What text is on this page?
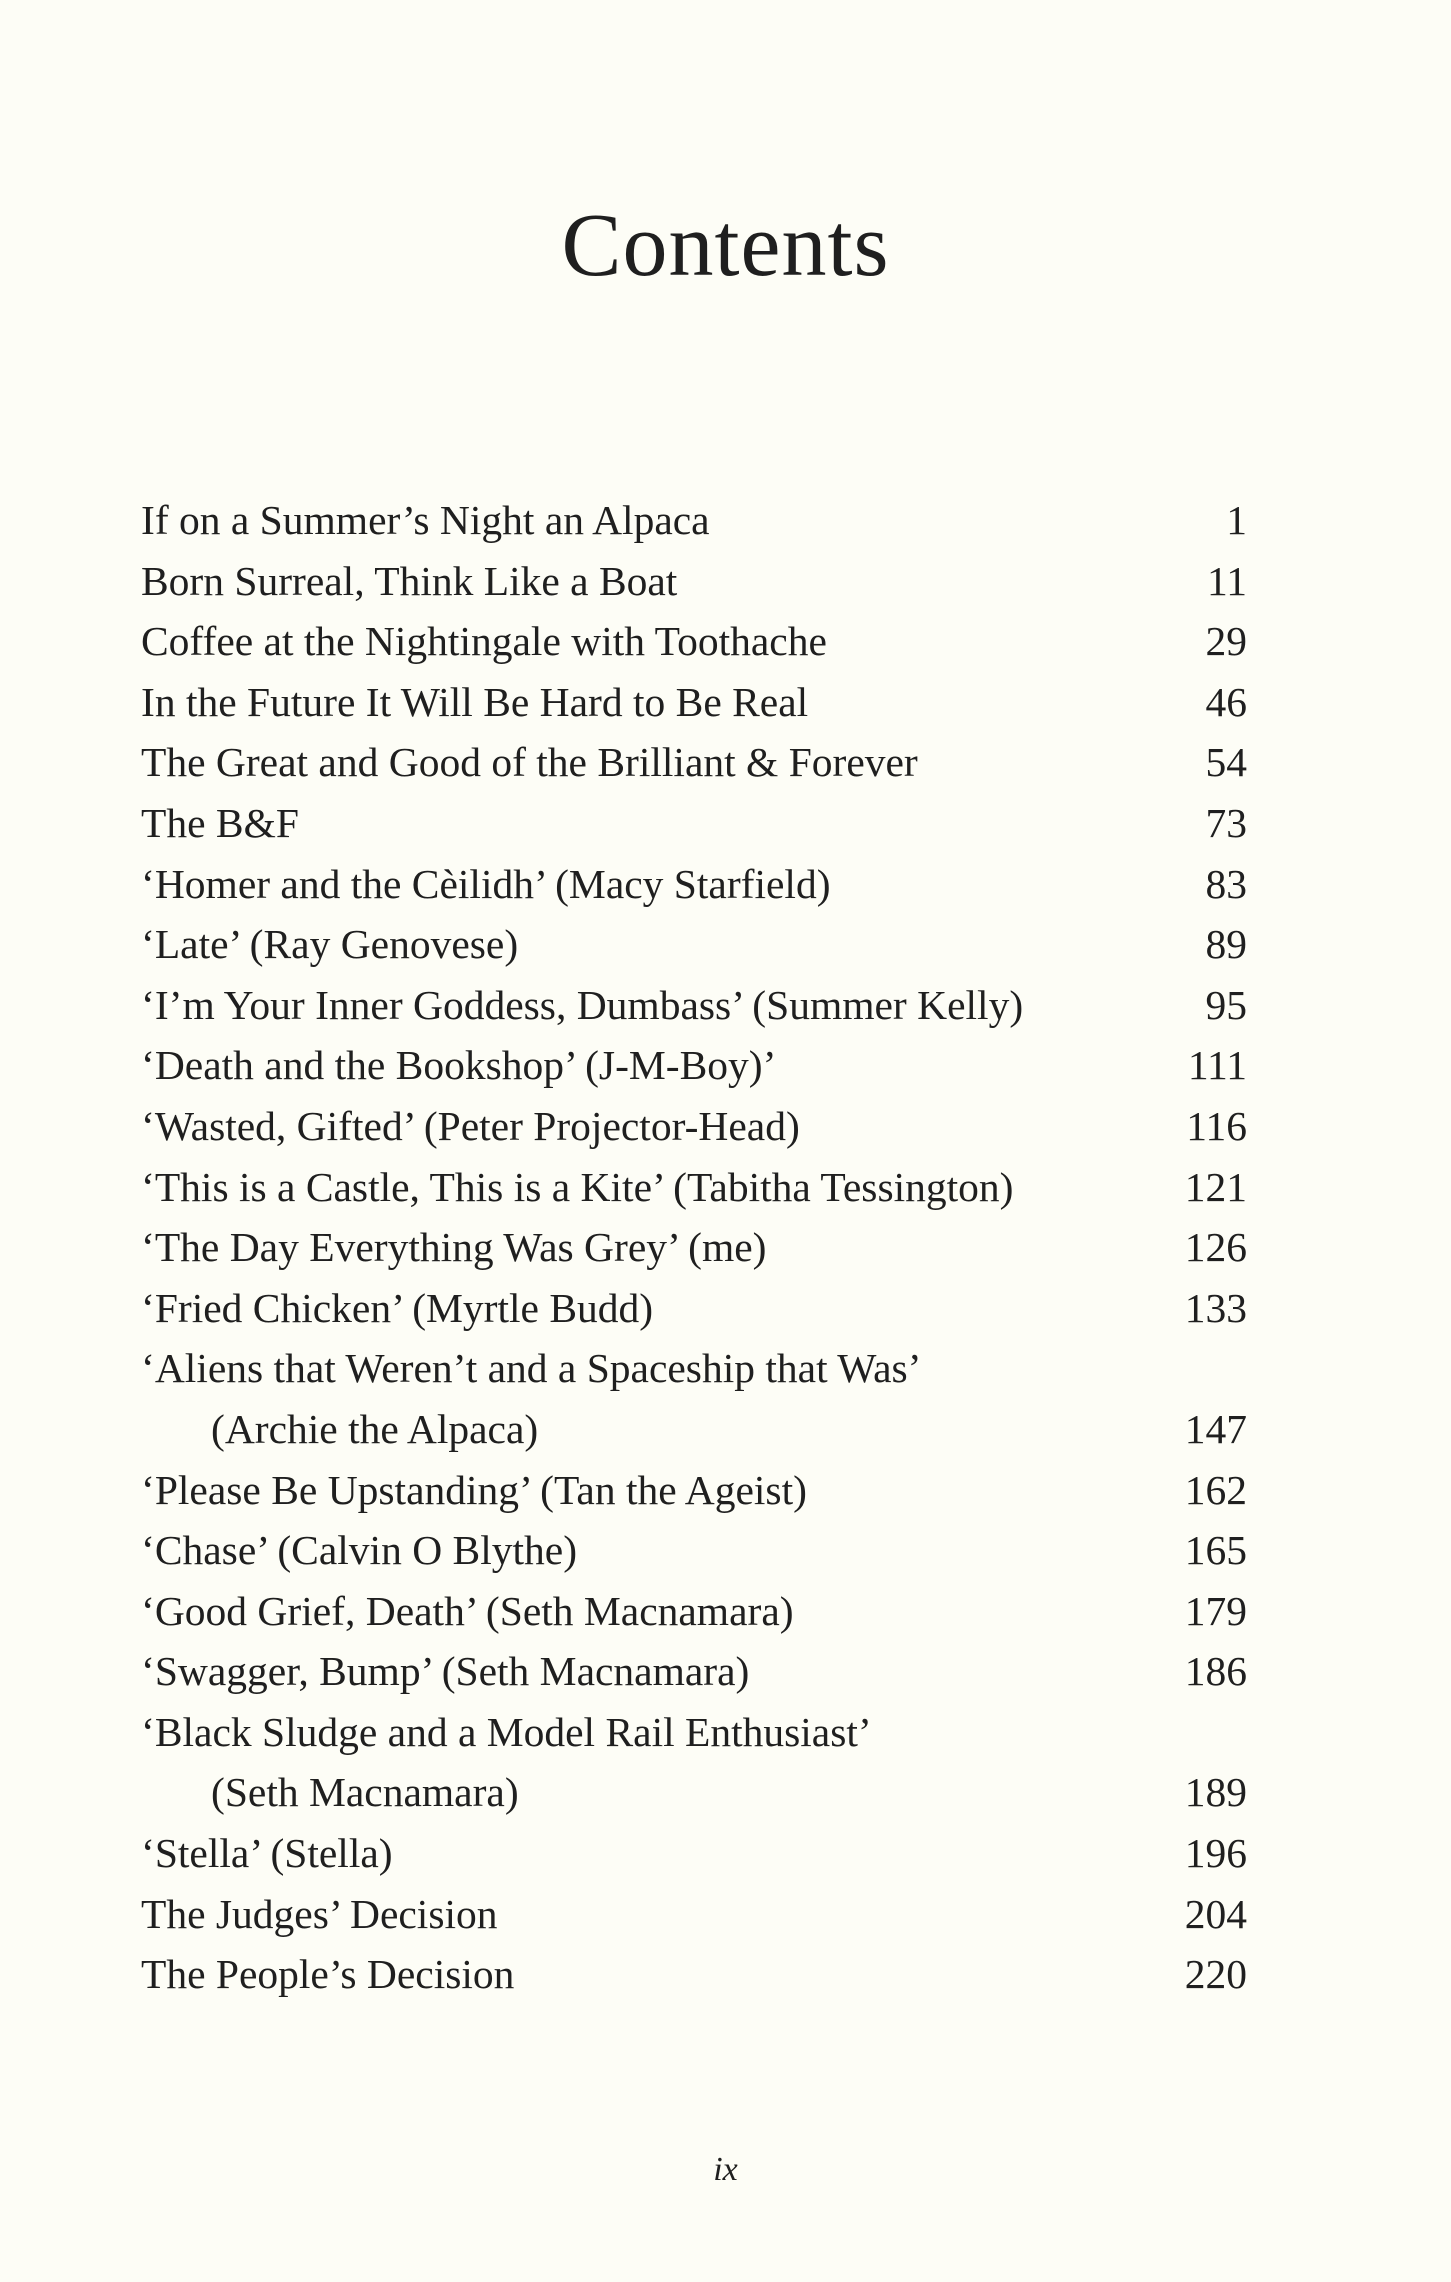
Contents
If on a Summer’s Night an Alpaca	1
Born Surreal, Think Like a Boat	11
Coffee at the Nightingale with Toothache	29
In the Future It Will Be Hard to Be Real	46
The Great and Good of the Brilliant & Forever	54
The B&F	73
‘Homer and the Cèilidh’ (Macy Starfield)	83
‘Late’ (Ray Genovese)	89
‘I’m Your Inner Goddess, Dumbass’ (Summer Kelly)	95
‘Death and the Bookshop’ (J-M-Boy)’	111
‘Wasted, Gifted’ (Peter Projector-Head)	116
‘This is a Castle, This is a Kite’ (Tabitha Tessington)	121
‘The Day Everything Was Grey’ (me)	126
‘Fried Chicken’ (Myrtle Budd)	133
‘Aliens that Weren’t and a Spaceship that Was’
(Archie the Alpaca)	147
‘Please Be Upstanding’ (Tan the Ageist)	162
‘Chase’ (Calvin O Blythe)	165
‘Good Grief, Death’ (Seth Macnamara)	179
‘Swagger, Bump’ (Seth Macnamara)	186
‘Black Sludge and a Model Rail Enthusiast’
(Seth Macnamara)	189
‘Stella’ (Stella)	196
The Judges’ Decision	204
The People’s Decision	220
ix
